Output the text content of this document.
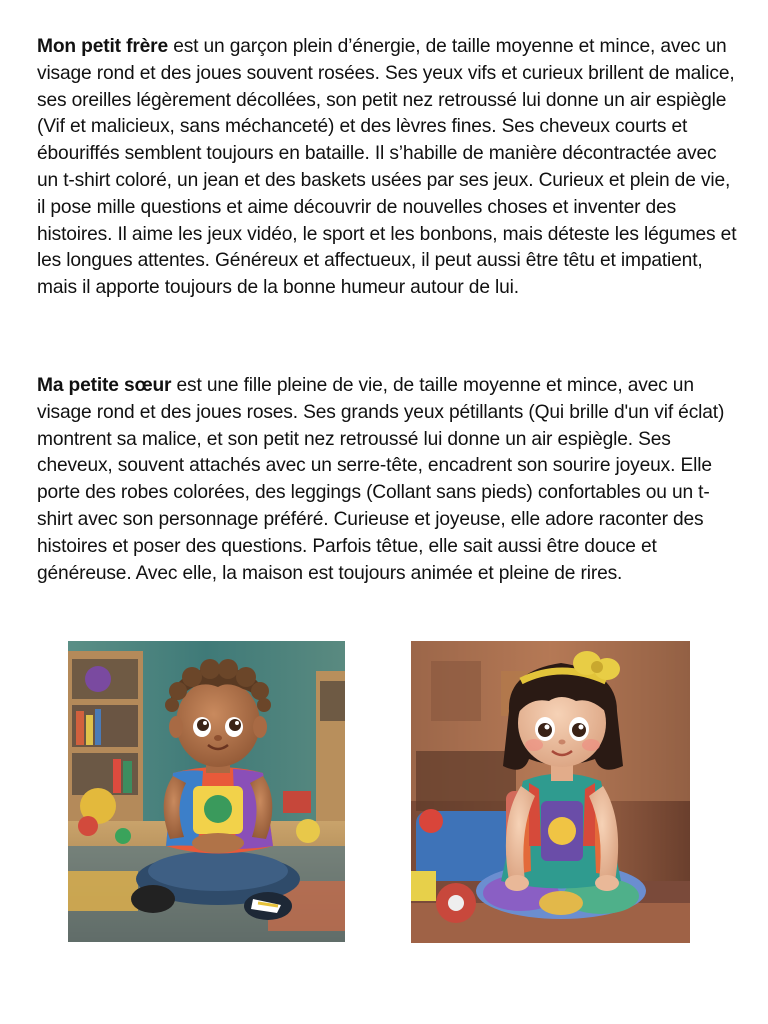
Mon petit frère est un garçon plein d’énergie, de taille moyenne et mince, avec un visage rond et des joues souvent rosées. Ses yeux vifs et curieux brillent de malice, ses oreilles légèrement décollées, son petit nez retroussé lui donne un air espiègle (Vif et malicieux, sans méchanceté) et des lèvres fines. Ses cheveux courts et ébouriffés semblent toujours en bataille. Il s’habille de manière décontractée avec un t-shirt coloré, un jean et des baskets usées par ses jeux. Curieux et plein de vie, il pose mille questions et aime découvrir de nouvelles choses et inventer des histoires. Il aime les jeux vidéo, le sport et les bonbons, mais déteste les légumes et les longues attentes. Généreux et affectueux, il peut aussi être têtu et impatient, mais il apporte toujours de la bonne humeur autour de lui.

Ma petite sœur est une fille pleine de vie, de taille moyenne et mince, avec un visage rond et des joues roses. Ses grands yeux pétillants (Qui brille d'un vif éclat) montrent sa malice, et son petit nez retroussé lui donne un air espiègle. Ses cheveux, souvent attachés avec un serre-tête, encadrent son sourire joyeux. Elle porte des robes colorées, des leggings (Collant sans pieds) confortables ou un t-shirt avec son personnage préféré. Curieuse et joyeuse, elle adore raconter des histoires et poser des questions. Parfois têtue, elle sait aussi être douce et généreuse. Avec elle, la maison est toujours animée et pleine de rires.
